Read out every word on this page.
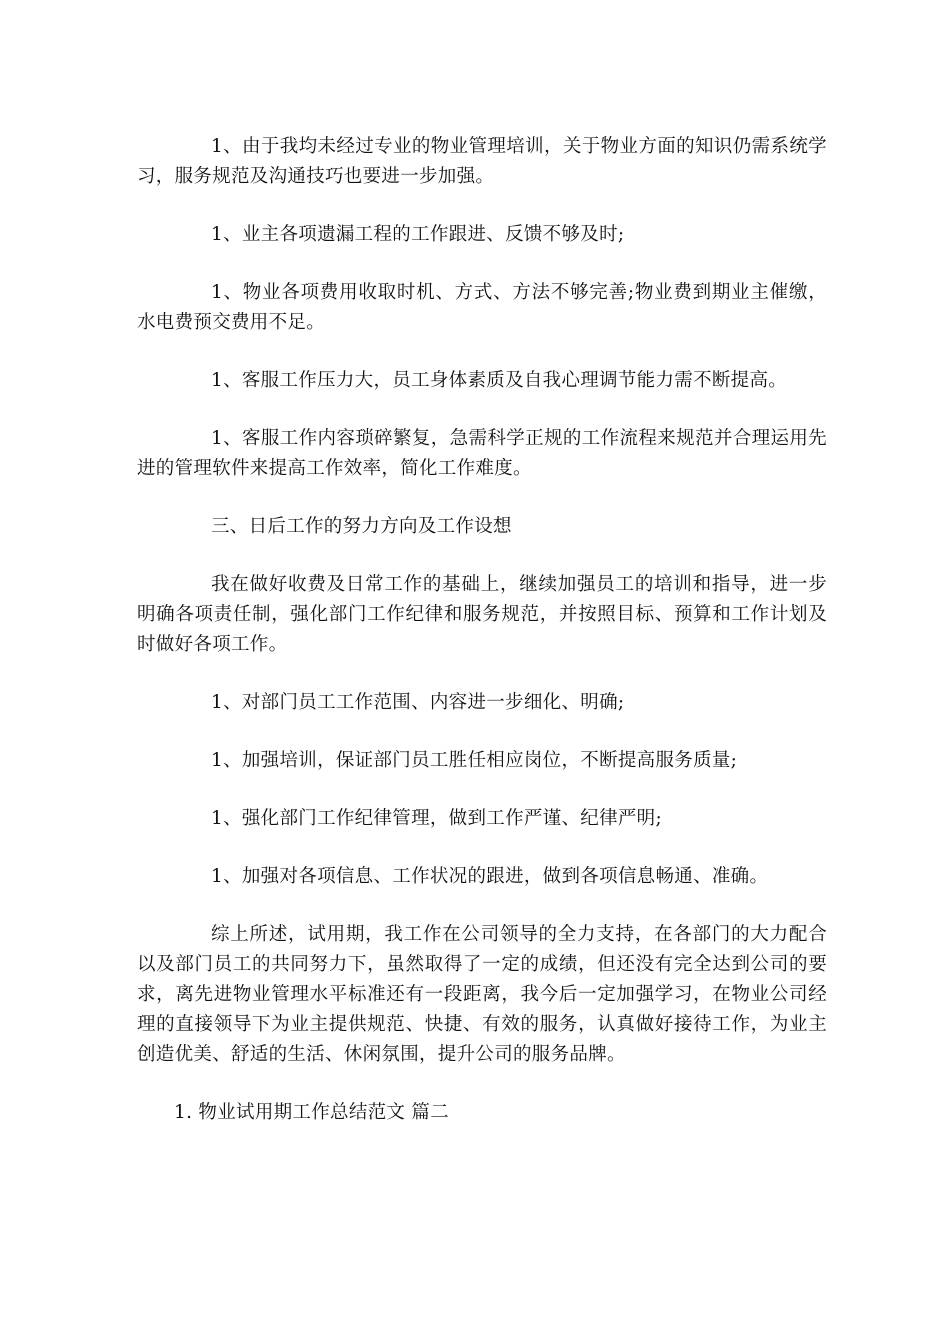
1、由于我均未经过专业的物业管理培训，关于物业方面的知识仍需系统学习，服务规范及沟通技巧也要进一步加强。

1、业主各项遗漏工程的工作跟进、反馈不够及时;

1、物业各项费用收取时机、方式、方法不够完善;物业费到期业主催缴，水电费预交费用不足。

1、客服工作压力大，员工身体素质及自我心理调节能力需不断提高。

1、客服工作内容琐碎繁复，急需科学正规的工作流程来规范并合理运用先进的管理软件来提高工作效率，简化工作难度。

三、日后工作的努力方向及工作设想

我在做好收费及日常工作的基础上，继续加强员工的培训和指导，进一步明确各项责任制，强化部门工作纪律和服务规范，并按照目标、预算和工作计划及时做好各项工作。

1、对部门员工工作范围、内容进一步细化、明确;

1、加强培训，保证部门员工胜任相应岗位，不断提高服务质量;

1、强化部门工作纪律管理，做到工作严谨、纪律严明;

1、加强对各项信息、工作状况的跟进，做到各项信息畅通、准确。

综上所述，试用期，我工作在公司领导的全力支持，在各部门的大力配合以及部门员工的共同努力下，虽然取得了一定的成绩，但还没有完全达到公司的要求，离先进物业管理水平标准还有一段距离，我今后一定加强学习，在物业公司经理的直接领导下为业主提供规范、快捷、有效的服务，认真做好接待工作，为业主创造优美、舒适的生活、休闲氛围，提升公司的服务品牌。

1. 物业试用期工作总结范文 篇二
